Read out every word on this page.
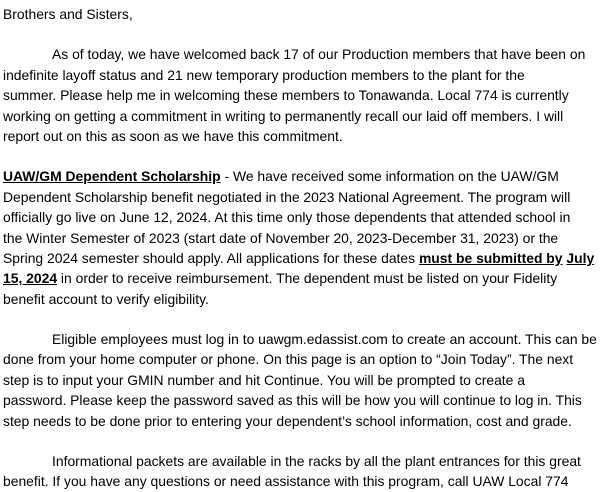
Brothers and Sisters,
As of today, we have welcomed back 17 of our Production members that have been on
indefinite layoff status and 21 new temporary production members to the plant for the
summer. Please help me in welcoming these members to Tonawanda. Local 774 is currently
working on getting a commitment in writing to permanently recall our laid off members. I will
report out on this as soon as we have this commitment.
UAW/GM Dependent Scholarship - We have received some information on the UAW/GM
Dependent Scholarship benefit negotiated in the 2023 National Agreement. The program will
officially go live on June 12, 2024. At this time only those dependents that attended school in
the Winter Semester of 2023 (start date of November 20, 2023-December 31, 2023) or the
Spring 2024 semester should apply. All applications for these dates must be submitted by July
15, 2024 in order to receive reimbursement. The dependent must be listed on your Fidelity
benefit account to verify eligibility.
Eligible employees must log in to uawgm.edassist.com to create an account. This can be
done from your home computer or phone. On this page is an option to “Join Today”. The next
step is to input your GMIN number and hit Continue. You will be prompted to create a
password. Please keep the password saved as this will be how you will continue to log in. This
step needs to be done prior to entering your dependent’s school information, cost and grade.
Informational packets are available in the racks by all the plant entrances for this great
benefit. If you have any questions or need assistance with this program, call UAW Local 774
